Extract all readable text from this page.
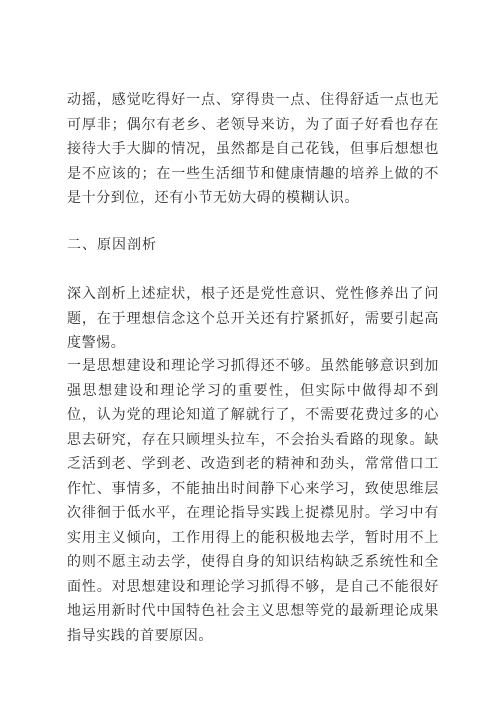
动摇，感觉吃得好一点、穿得贵一点、住得舒适一点也无可厚非；偶尔有老乡、老领导来访，为了面子好看也存在接待大手大脚的情况，虽然都是自己花钱，但事后想想也是不应该的；在一些生活细节和健康情趣的培养上做的不是十分到位，还有小节无妨大碍的模糊认识。

二、原因剖析

深入剖析上述症状，根子还是党性意识、党性修养出了问题，在于理想信念这个总开关还有拧紧抓好，需要引起高度警惕。

一是思想建设和理论学习抓得还不够。虽然能够意识到加强思想建设和理论学习的重要性，但实际中做得却不到位，认为党的理论知道了解就行了，不需要花费过多的心思去研究，存在只顾埋头拉车，不会抬头看路的现象。缺乏活到老、学到老、改造到老的精神和劲头，常常借口工作忙、事情多，不能抽出时间静下心来学习，致使思维层次徘徊于低水平，在理论指导实践上捉襟见肘。学习中有实用主义倾向，工作用得上的能积极地去学，暂时用不上的则不愿主动去学，使得自身的知识结构缺乏系统性和全面性。对思想建设和理论学习抓得不够，是自己不能很好地运用新时代中国特色社会主义思想等党的最新理论成果指导实践的首要原因。
